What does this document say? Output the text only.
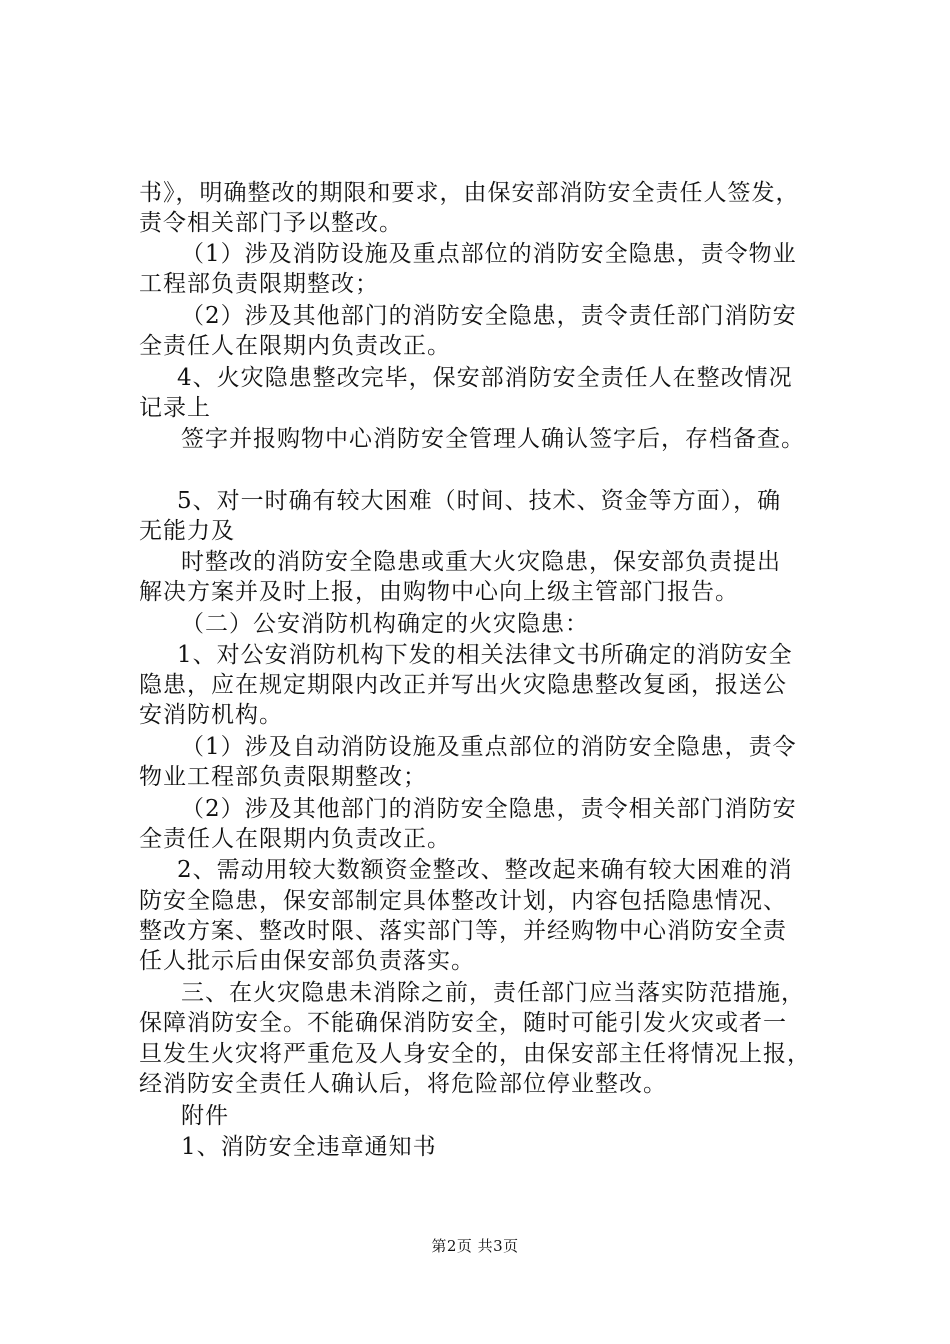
书》，明确整改的期限和要求，由保安部消防安全责任人签发，
责令相关部门予以整改。
（1）涉及消防设施及重点部位的消防安全隐患，责令物业
工程部负责限期整改；
（2）涉及其他部门的消防安全隐患，责令责任部门消防安
全责任人在限期内负责改正。
4、火灾隐患整改完毕，保安部消防安全责任人在整改情况
记录上
签字并报购物中心消防安全管理人确认签字后，存档备查。
5、对一时确有较大困难（时间、技术、资金等方面），确
无能力及
时整改的消防安全隐患或重大火灾隐患，保安部负责提出
解决方案并及时上报，由购物中心向上级主管部门报告。
（二）公安消防机构确定的火灾隐患：
1、对公安消防机构下发的相关法律文书所确定的消防安全
隐患，应在规定期限内改正并写出火灾隐患整改复函，报送公
安消防机构。
（1）涉及自动消防设施及重点部位的消防安全隐患，责令
物业工程部负责限期整改；
（2）涉及其他部门的消防安全隐患，责令相关部门消防安
全责任人在限期内负责改正。
2、需动用较大数额资金整改、整改起来确有较大困难的消
防安全隐患，保安部制定具体整改计划，内容包括隐患情况、
整改方案、整改时限、落实部门等，并经购物中心消防安全责
任人批示后由保安部负责落实。
三、在火灾隐患未消除之前，责任部门应当落实防范措施，
保障消防安全。不能确保消防安全，随时可能引发火灾或者一
旦发生火灾将严重危及人身安全的，由保安部主任将情况上报，
经消防安全责任人确认后，将危险部位停业整改。
附件
1、消防安全违章通知书
第2页 共3页
